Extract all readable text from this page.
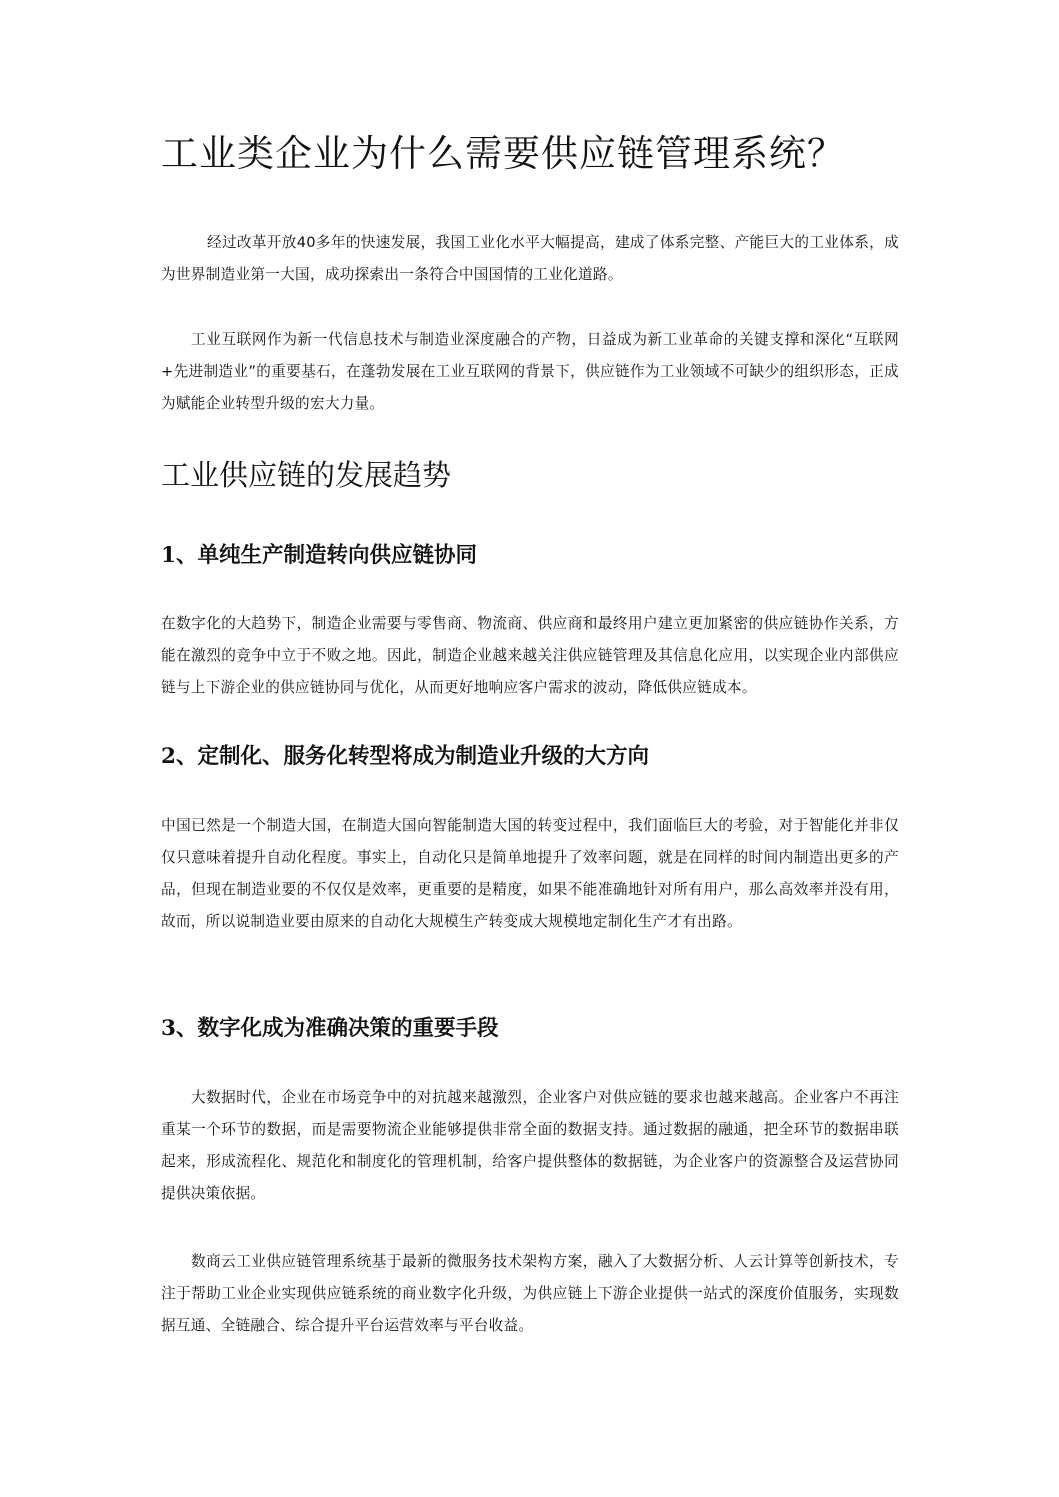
工业类企业为什么需要供应链管理系统？

经过改革开放40多年的快速发展，我国工业化水平大幅提高，建成了体系完整、产能巨大的工业体系，成为世界制造业第一大国，成功探索出一条符合中国国情的工业化道路。

工业互联网作为新一代信息技术与制造业深度融合的产物，日益成为新工业革命的关键支撑和深化“互联网+先进制造业”的重要基石，在蓬勃发展在工业互联网的背景下，供应链作为工业领域不可缺少的组织形态，正成为赋能企业转型升级的宏大力量。

工业供应链的发展趋势
1、单纯生产制造转向供应链协同

在数字化的大趋势下，制造企业需要与零售商、物流商、供应商和最终用户建立更加紧密的供应链协作关系，方能在激烈的竞争中立于不败之地。因此，制造企业越来越关注供应链管理及其信息化应用，以实现企业内部供应链与上下游企业的供应链协同与优化，从而更好地响应客户需求的波动，降低供应链成本。

2、定制化、服务化转型将成为制造业升级的大方向

中国已然是一个制造大国，在制造大国向智能制造大国的转变过程中，我们面临巨大的考验，对于智能化并非仅仅只意味着提升自动化程度。事实上，自动化只是简单地提升了效率问题，就是在同样的时间内制造出更多的产品，但现在制造业要的不仅仅是效率，更重要的是精度，如果不能准确地针对所有用户，那么高效率并没有用，故而，所以说制造业要由原来的自动化大规模生产转变成大规模地定制化生产才有出路。

3、数字化成为准确决策的重要手段

大数据时代，企业在市场竞争中的对抗越来越激烈，企业客户对供应链的要求也越来越高。企业客户不再注重某一个环节的数据，而是需要物流企业能够提供非常全面的数据支持。通过数据的融通，把全环节的数据串联起来，形成流程化、规范化和制度化的管理机制，给客户提供整体的数据链，为企业客户的资源整合及运营协同提供决策依据。

数商云工业供应链管理系统基于最新的微服务技术架构方案，融入了大数据分析、人云计算等创新技术，专注于帮助工业企业实现供应链系统的商业数字化升级，为供应链上下游企业提供一站式的深度价值服务，实现数据互通、全链融合、综合提升平台运营效率与平台收益。
